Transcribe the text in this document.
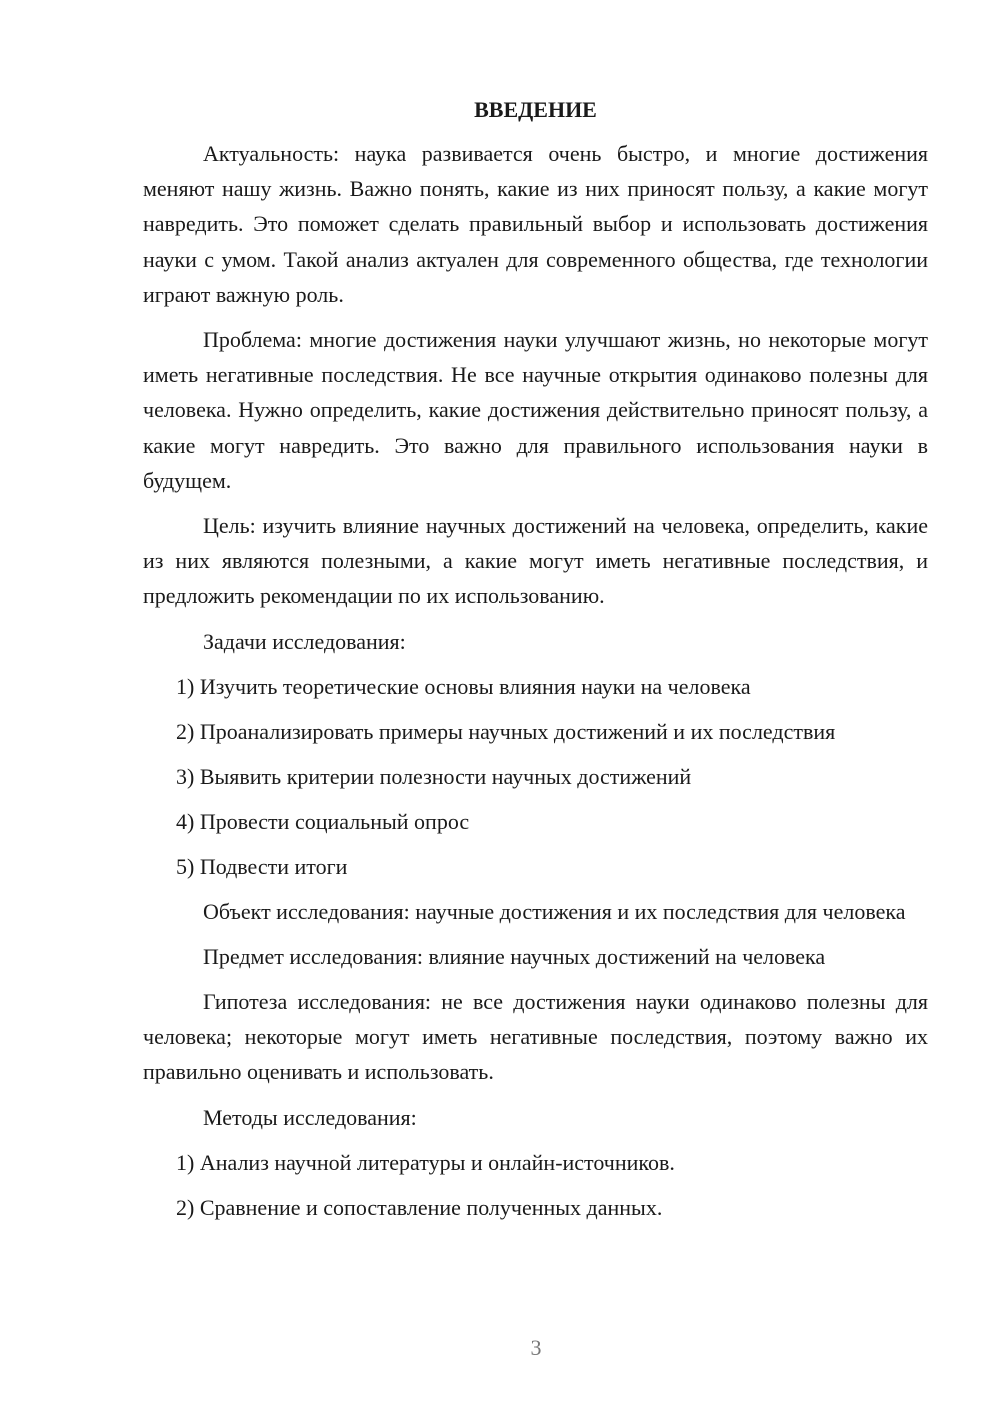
ВВЕДЕНИЕ

Актуальность: наука развивается очень быстро, и многие достижения меняют нашу жизнь. Важно понять, какие из них приносят пользу, а какие могут навредить. Это поможет сделать правильный выбор и использовать достижения науки с умом. Такой анализ актуален для современного общества, где технологии играют важную роль.

Проблема: многие достижения науки улучшают жизнь, но некоторые могут иметь негативные последствия. Не все научные открытия одинаково полезны для человека. Нужно определить, какие достижения действительно приносят пользу, а какие могут навредить. Это важно для правильного использования науки в будущем.

Цель: изучить влияние научных достижений на человека, определить, какие из них являются полезными, а какие могут иметь негативные последствия, и предложить рекомендации по их использованию.

Задачи исследования:
1) Изучить теоретические основы влияния науки на человека
2) Проанализировать примеры научных достижений и их последствия
3) Выявить критерии полезности научных достижений
4) Провести социальный опрос
5) Подвести итоги

Объект исследования: научные достижения и их последствия для человека

Предмет исследования: влияние научных достижений на человека

Гипотеза исследования: не все достижения науки одинаково полезны для человека; некоторые могут иметь негативные последствия, поэтому важно их правильно оценивать и использовать.

Методы исследования:
1) Анализ научной литературы и онлайн-источников.
2) Сравнение и сопоставление полученных данных.
3
